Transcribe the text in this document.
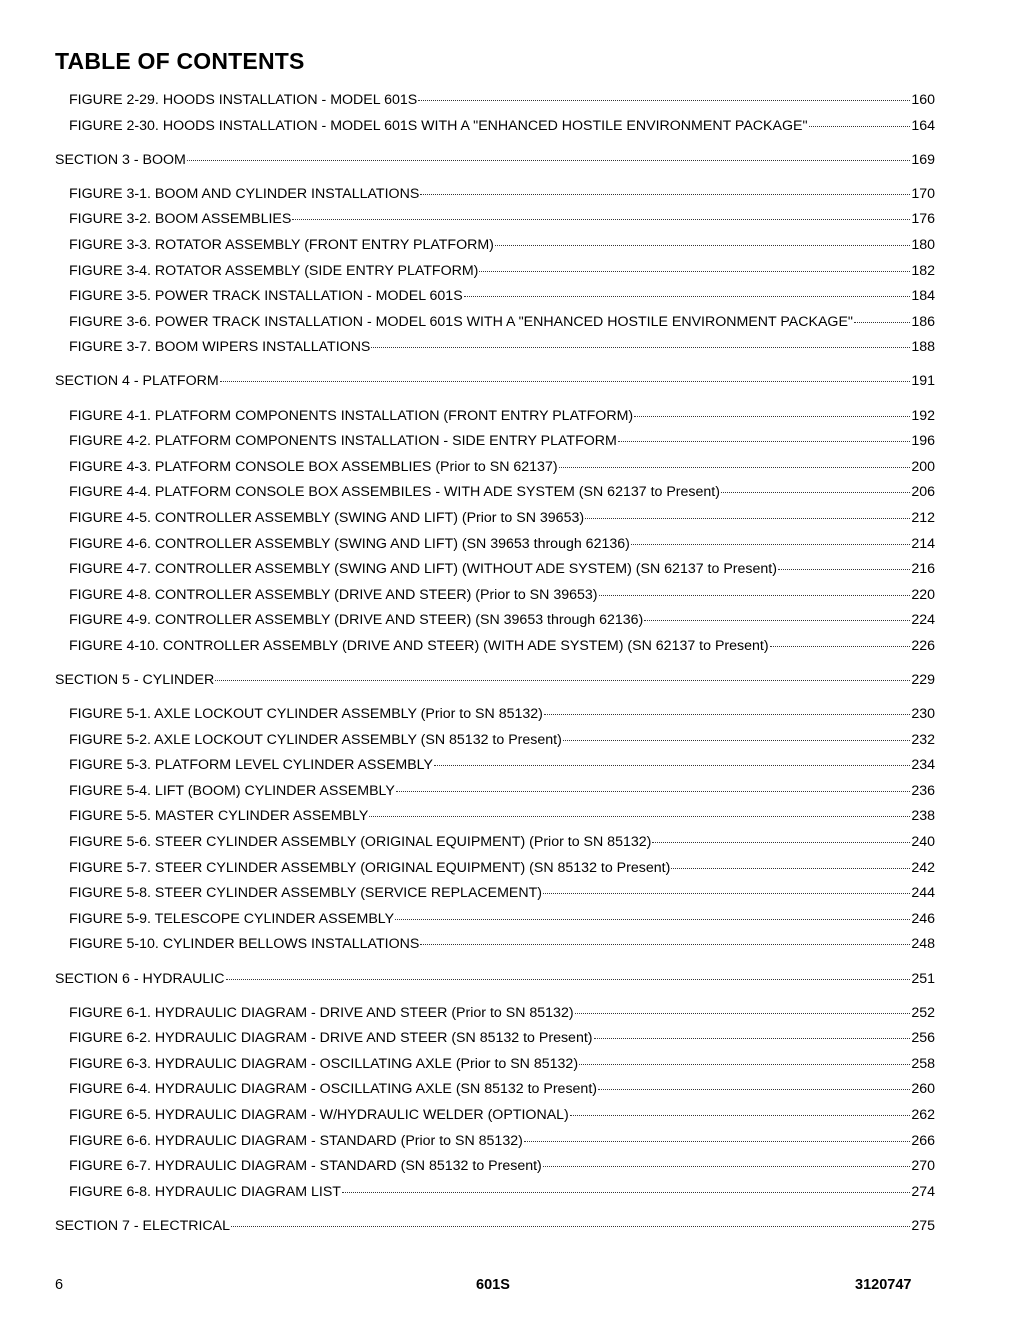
TABLE OF CONTENTS
FIGURE 2-29. HOODS INSTALLATION - MODEL 601S	160
FIGURE 2-30. HOODS INSTALLATION - MODEL 601S WITH A "ENHANCED HOSTILE ENVIRONMENT PACKAGE"	164
SECTION 3 - BOOM	169
FIGURE 3-1. BOOM AND CYLINDER INSTALLATIONS	170
FIGURE 3-2. BOOM ASSEMBLIES	176
FIGURE 3-3. ROTATOR ASSEMBLY (FRONT ENTRY PLATFORM)	180
FIGURE 3-4. ROTATOR ASSEMBLY (SIDE ENTRY PLATFORM)	182
FIGURE 3-5. POWER TRACK INSTALLATION - MODEL 601S	184
FIGURE 3-6. POWER TRACK INSTALLATION - MODEL 601S WITH A "ENHANCED HOSTILE ENVIRONMENT PACKAGE"	186
FIGURE 3-7. BOOM WIPERS INSTALLATIONS	188
SECTION 4 - PLATFORM	191
FIGURE 4-1. PLATFORM COMPONENTS INSTALLATION (FRONT ENTRY PLATFORM)	192
FIGURE 4-2. PLATFORM COMPONENTS INSTALLATION - SIDE ENTRY PLATFORM	196
FIGURE 4-3. PLATFORM CONSOLE BOX ASSEMBLIES (Prior to SN 62137)	200
FIGURE 4-4. PLATFORM CONSOLE BOX ASSEMBILES - WITH ADE SYSTEM (SN 62137 to Present)	206
FIGURE 4-5. CONTROLLER ASSEMBLY (SWING AND LIFT) (Prior to SN 39653)	212
FIGURE 4-6. CONTROLLER ASSEMBLY (SWING AND LIFT) (SN 39653 through 62136)	214
FIGURE 4-7. CONTROLLER ASSEMBLY (SWING AND LIFT) (WITHOUT ADE SYSTEM) (SN 62137 to Present)	216
FIGURE 4-8. CONTROLLER ASSEMBLY (DRIVE AND STEER) (Prior to SN 39653)	220
FIGURE 4-9. CONTROLLER ASSEMBLY (DRIVE AND STEER) (SN 39653 through 62136)	224
FIGURE 4-10. CONTROLLER ASSEMBLY (DRIVE AND STEER) (WITH ADE SYSTEM) (SN 62137 to Present)	226
SECTION 5 - CYLINDER	229
FIGURE 5-1. AXLE LOCKOUT CYLINDER ASSEMBLY (Prior to SN 85132)	230
FIGURE 5-2. AXLE LOCKOUT CYLINDER ASSEMBLY (SN 85132 to Present)	232
FIGURE 5-3. PLATFORM LEVEL CYLINDER ASSEMBLY	234
FIGURE 5-4. LIFT (BOOM) CYLINDER ASSEMBLY	236
FIGURE 5-5. MASTER CYLINDER ASSEMBLY	238
FIGURE 5-6. STEER CYLINDER ASSEMBLY (ORIGINAL EQUIPMENT) (Prior to SN 85132)	240
FIGURE 5-7. STEER CYLINDER ASSEMBLY (ORIGINAL EQUIPMENT) (SN 85132 to Present)	242
FIGURE 5-8. STEER CYLINDER ASSEMBLY (SERVICE REPLACEMENT)	244
FIGURE 5-9. TELESCOPE CYLINDER ASSEMBLY	246
FIGURE 5-10. CYLINDER BELLOWS INSTALLATIONS	248
SECTION 6 - HYDRAULIC	251
FIGURE 6-1. HYDRAULIC DIAGRAM - DRIVE AND STEER (Prior to SN 85132)	252
FIGURE 6-2. HYDRAULIC DIAGRAM - DRIVE AND STEER (SN 85132 to Present)	256
FIGURE 6-3. HYDRAULIC DIAGRAM - OSCILLATING AXLE (Prior to SN 85132)	258
FIGURE 6-4. HYDRAULIC DIAGRAM - OSCILLATING AXLE (SN 85132 to Present)	260
FIGURE 6-5. HYDRAULIC DIAGRAM - W/HYDRAULIC WELDER (OPTIONAL)	262
FIGURE 6-6. HYDRAULIC DIAGRAM - STANDARD (Prior to SN 85132)	266
FIGURE 6-7. HYDRAULIC DIAGRAM - STANDARD (SN 85132 to Present)	270
FIGURE 6-8. HYDRAULIC DIAGRAM LIST	274
SECTION 7 - ELECTRICAL	275
6	601S	3120747
